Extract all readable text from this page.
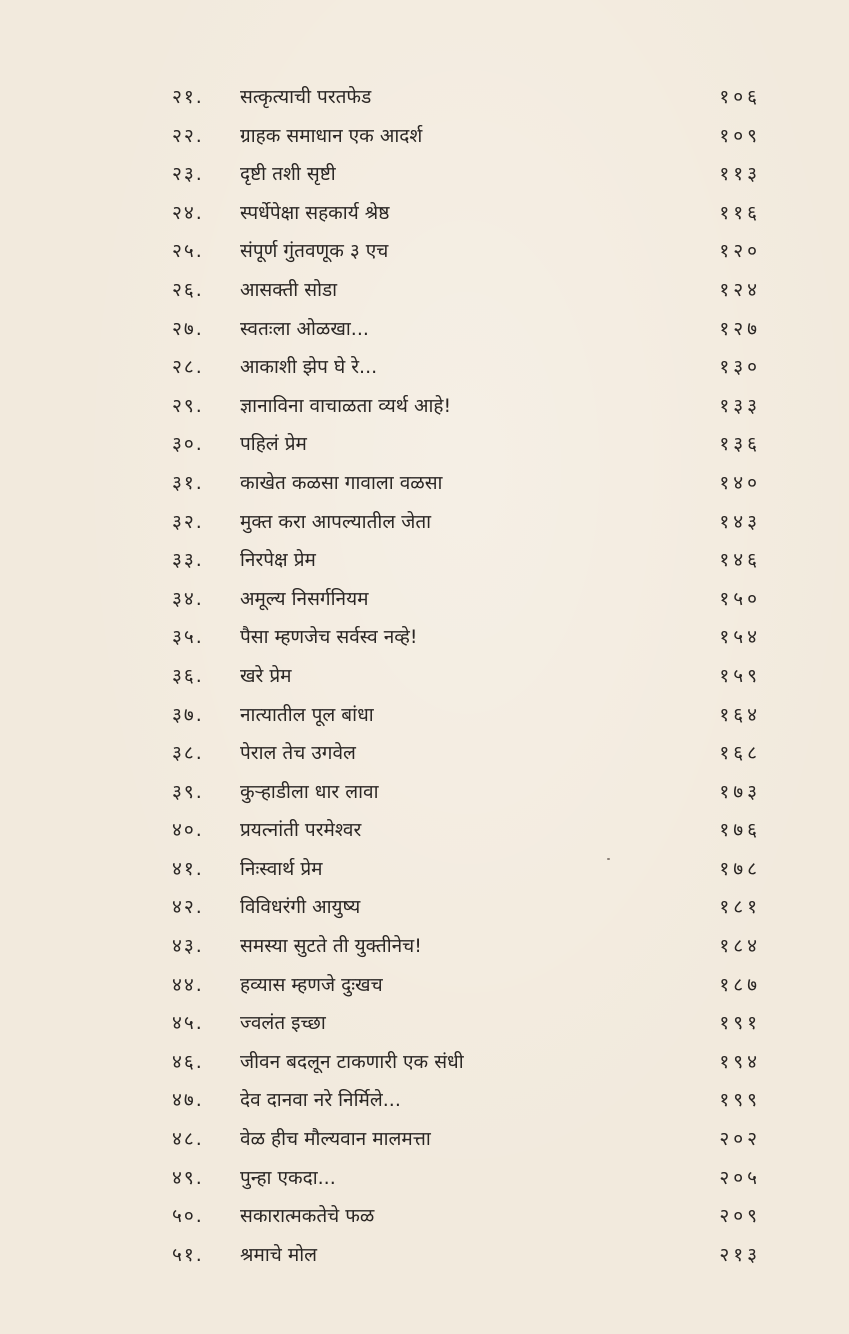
२१.	सत्कृत्याची परतफेड	१०६
२२.	ग्राहक समाधान एक आदर्श	१०९
२३.	दृष्टी तशी सृष्टी	११३
२४.	स्पर्धेपेक्षा सहकार्य श्रेष्ठ	११६
२५.	संपूर्ण गुंतवणूक ३ एच	१२०
२६.	आसक्ती सोडा	१२४
२७.	स्वतःला ओळखा...	१२७
२८.	आकाशी झेप घे रे...	१३०
२९.	ज्ञानाविना वाचाळता व्यर्थ आहे!	१३३
३०.	पहिलं प्रेम	१३६
३१.	काखेत कळसा गावाला वळसा	१४०
३२.	मुक्त करा आपल्यातील जेता	१४३
३३.	निरपेक्ष प्रेम	१४६
३४.	अमूल्य निसर्गनियम	१५०
३५.	पैसा म्हणजेच सर्वस्व नव्हे!	१५४
३६.	खरे प्रेम	१५९
३७.	नात्यातील पूल बांधा	१६४
३८.	पेराल तेच उगवेल	१६८
३९.	कुऱ्हाडीला धार लावा	१७३
४०.	प्रयत्नांती परमेश्वर	१७६
४१.	निःस्वार्थ प्रेम	१७८
४२.	विविधरंगी आयुष्य	१८१
४३.	समस्या सुटते ती युक्तीनेच!	१८४
४४.	हव्यास म्हणजे दुःखच	१८७
४५.	ज्वलंत इच्छा	१९१
४६.	जीवन बदलून टाकणारी एक संधी	१९४
४७.	देव दानवा नरे निर्मिले...	१९९
४८.	वेळ हीच मौल्यवान मालमत्ता	२०२
४९.	पुन्हा एकदा...	२०५
५०.	सकारात्मकतेचे फळ	२०९
५१.	श्रमाचे मोल	२१३
